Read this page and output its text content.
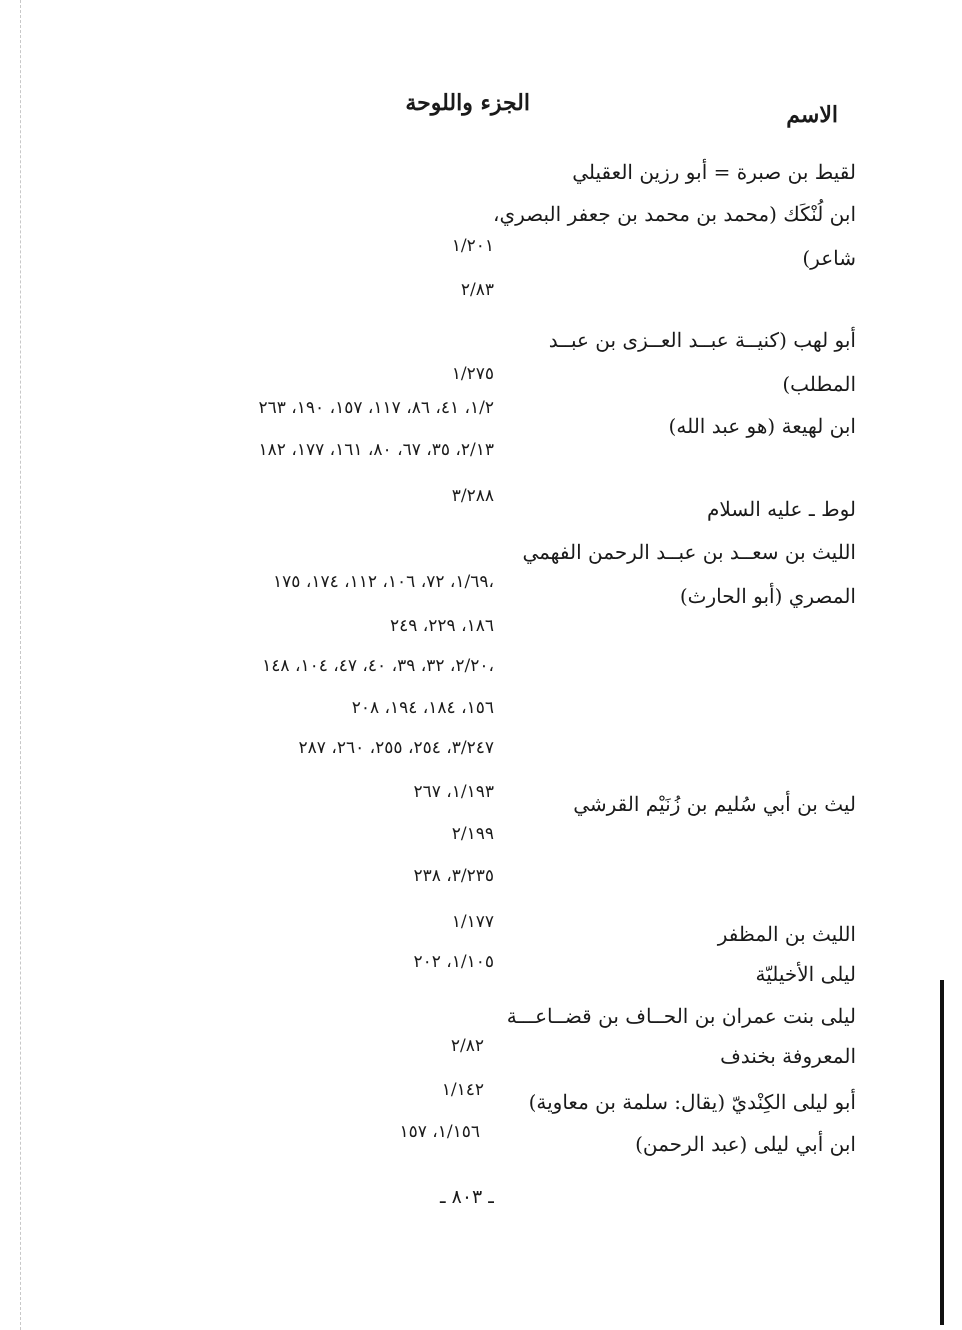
الاسم
الجزء واللوحة
لقيط بن صبرة = أبو رزين العقيلي
ابن لُنْكَك (محمد بن محمد بن جعفر البصري،
شاعر)
أبو لهب (كنيــة عبــد العــزى بن عبــد
المطلب)
ابن لهيعة (هو عبد الله)
لوط ـ عليه السلام
الليث بن سعــد بن عبــد الرحمن الفهمي
المصري (أبو الحارث)
ليث بن أبي سُليم بن زُنَيْم القرشي
الليث بن المظفر
ليلى الأخيليّة
ليلى بنت عمران بن الحــاف بن قضــاعـــة
المعروفة بخندف
أبو ليلى الكِنْديّ (يقال: سلمة بن معاوية)
ابن أبي ليلى (عبد الرحمن)
١/٢٠١
٢/٨٣
١/٢٧٥
١/٢، ٤١، ٨٦، ١١٧، ١٥٧، ١٩٠، ٢٦٣
٢/١٣، ٣٥، ٦٧، ٨٠، ١٦١، ١٧٧، ١٨٢
٣/٢٨٨
١/٦٩، ٧٢، ١٠٦، ١١٢، ١٧٤، ١٧٥،
١٨٦، ٢٢٩، ٢٤٩
٢/٢٠، ٣٢، ٣٩، ٤٠، ٤٧، ١٠٤، ١٤٨،
١٥٦، ١٨٤، ١٩٤، ٢٠٨
٣/٢٤٧، ٢٥٤، ٢٥٥، ٢٦٠، ٢٨٧
١/١٩٣، ٢٦٧
٢/١٩٩
٣/٢٣٥، ٢٣٨
١/١٧٧
١/١٠٥، ٢٠٢
٢/٨٢
١/١٤٢
١/١٥٦، ١٥٧
ـ ٨٠٣ ـ
